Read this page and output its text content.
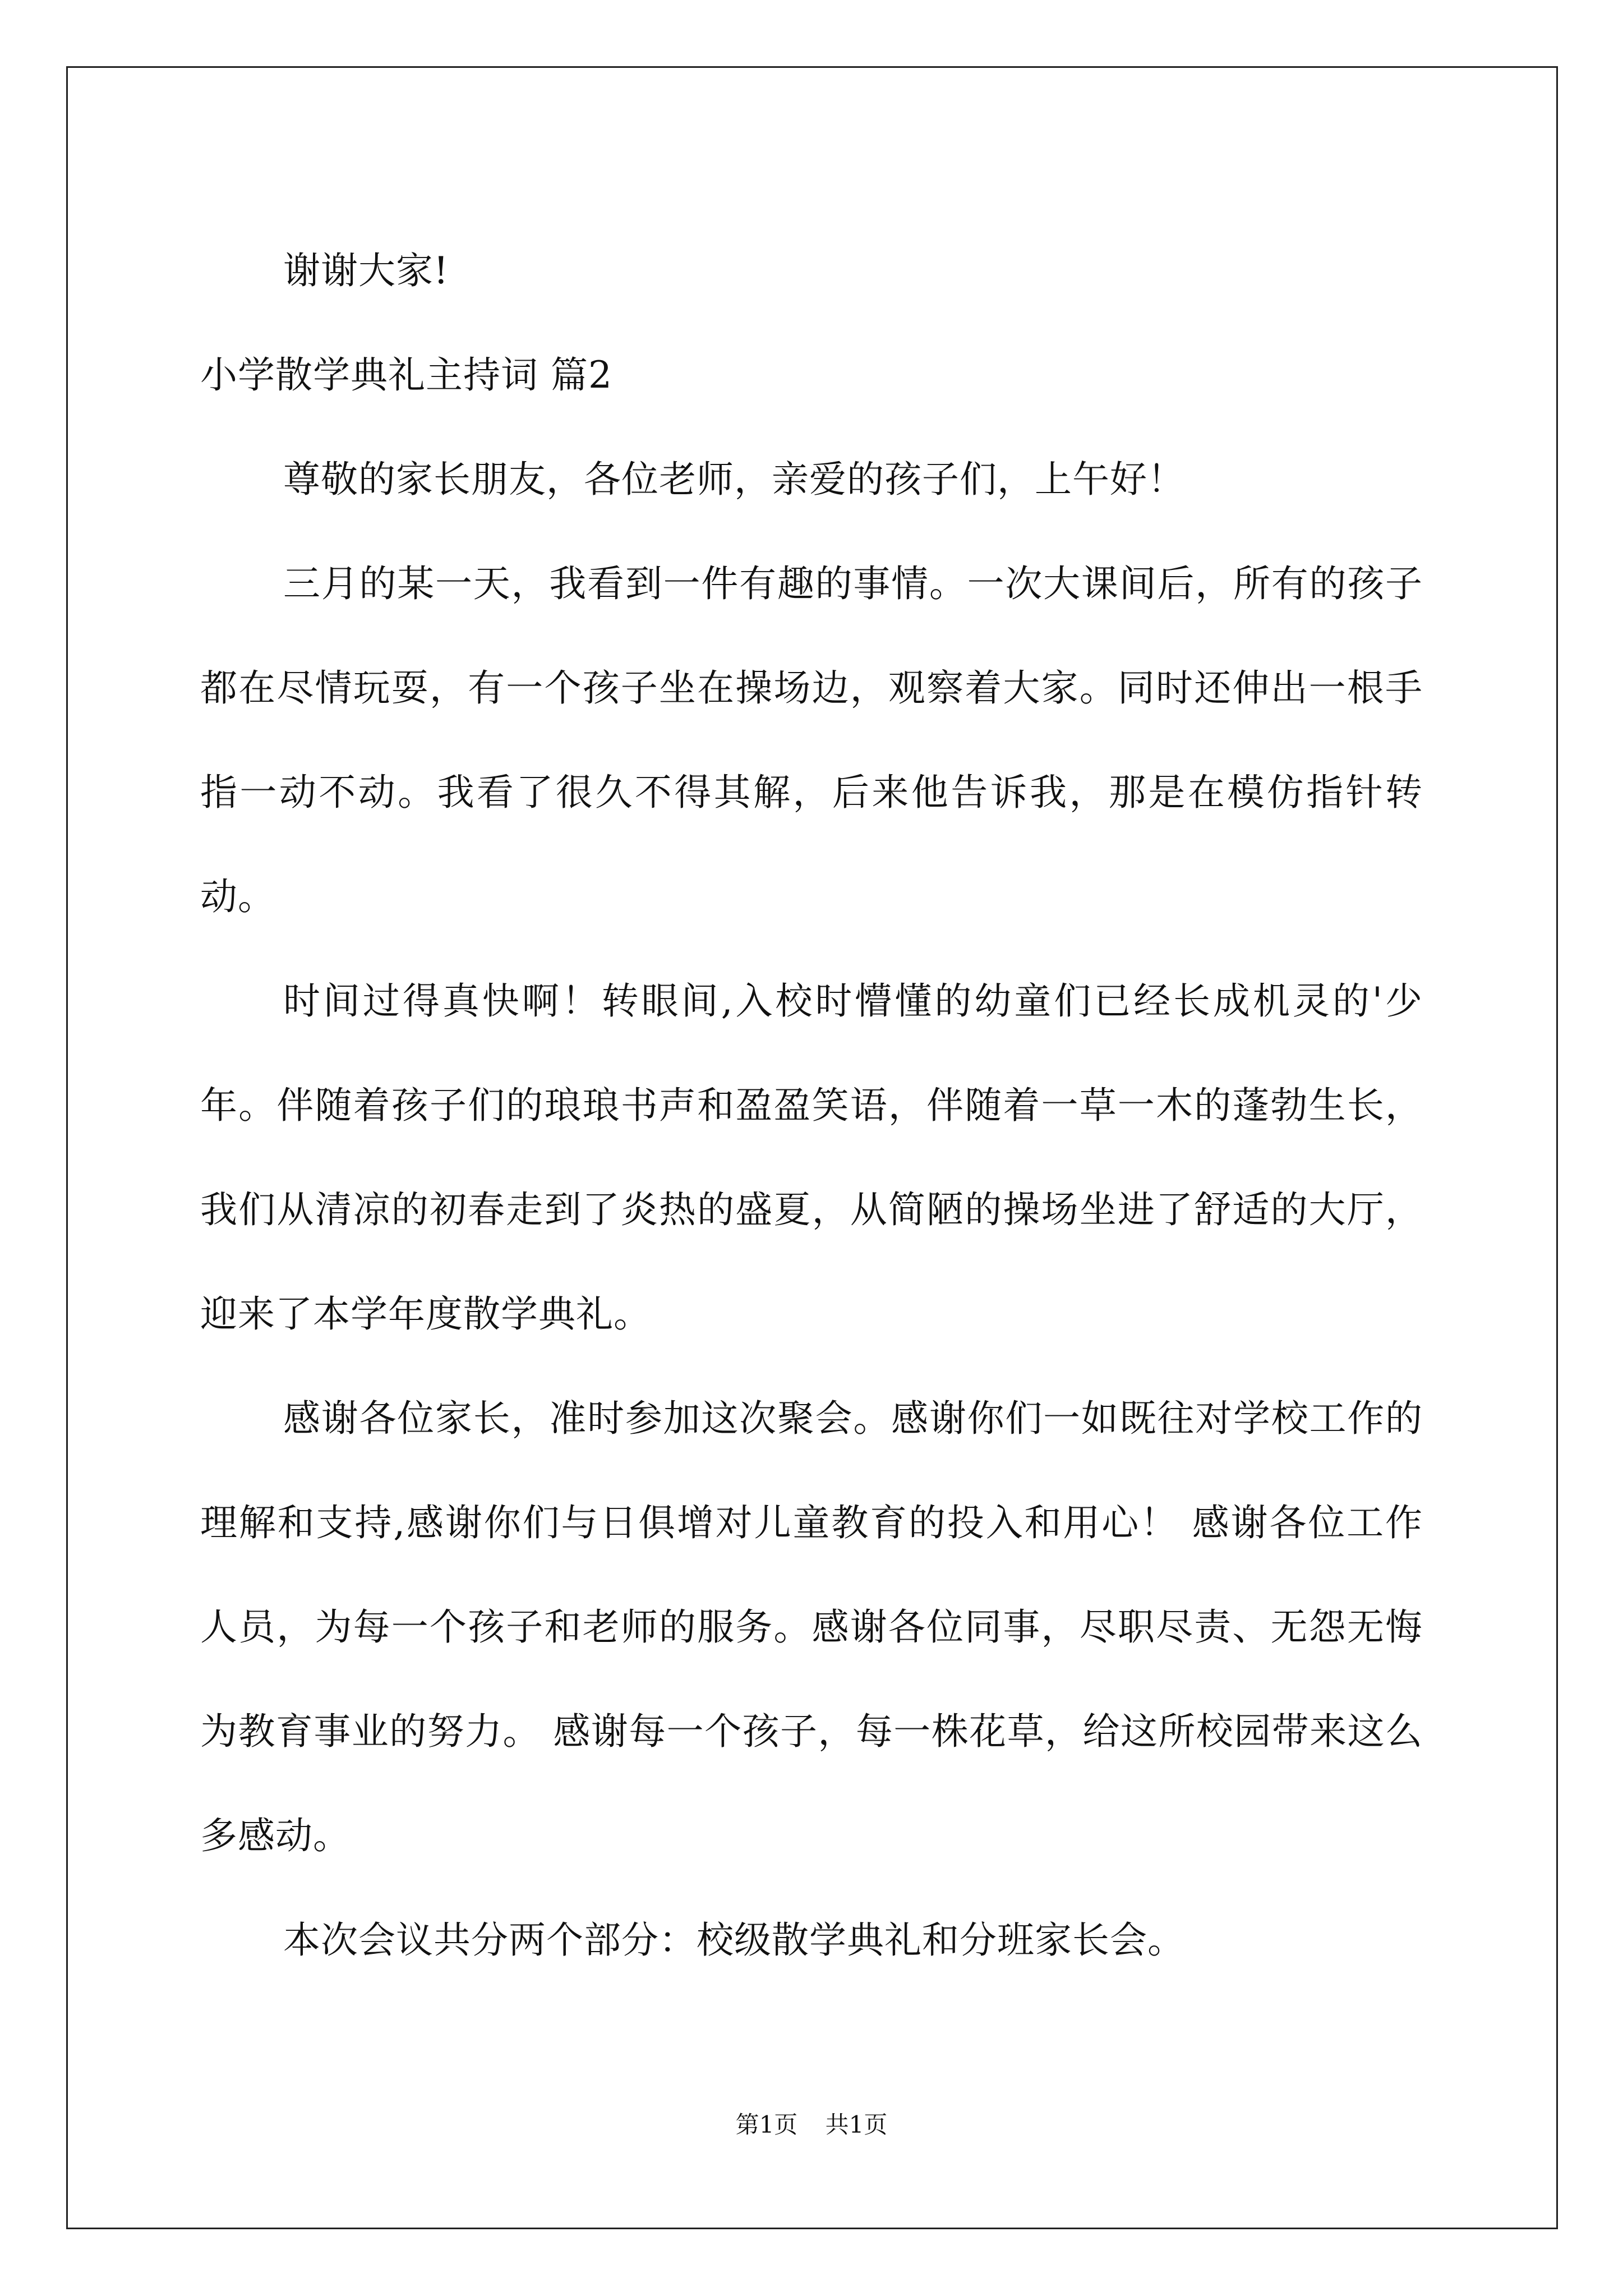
谢谢大家!

小学散学典礼主持词 篇2

尊敬的家长朋友，各位老师，亲爱的孩子们，上午好！

三月的某一天，我看到一件有趣的事情。一次大课间后，所有的孩子都在尽情玩耍，有一个孩子坐在操场边，观察着大家。同时还伸出一根手指一动不动。我看了很久不得其解，后来他告诉我，那是在模仿指针转动。

时间过得真快啊！转眼间,入校时懵懂的幼童们已经长成机灵的'少年。伴随着孩子们的琅琅书声和盈盈笑语，伴随着一草一木的蓬勃生长，我们从清凉的初春走到了炎热的盛夏，从简陋的操场坐进了舒适的大厅，迎来了本学年度散学典礼。

感谢各位家长，准时参加这次聚会。感谢你们一如既往对学校工作的理解和支持,感谢你们与日俱增对儿童教育的投入和用心！ 感谢各位工作人员，为每一个孩子和老师的服务。感谢各位同事，尽职尽责、无怨无悔为教育事业的努力。 感谢每一个孩子，每一株花草，给这所校园带来这么多感动。

本次会议共分两个部分：校级散学典礼和分班家长会。

第1页 共1页
